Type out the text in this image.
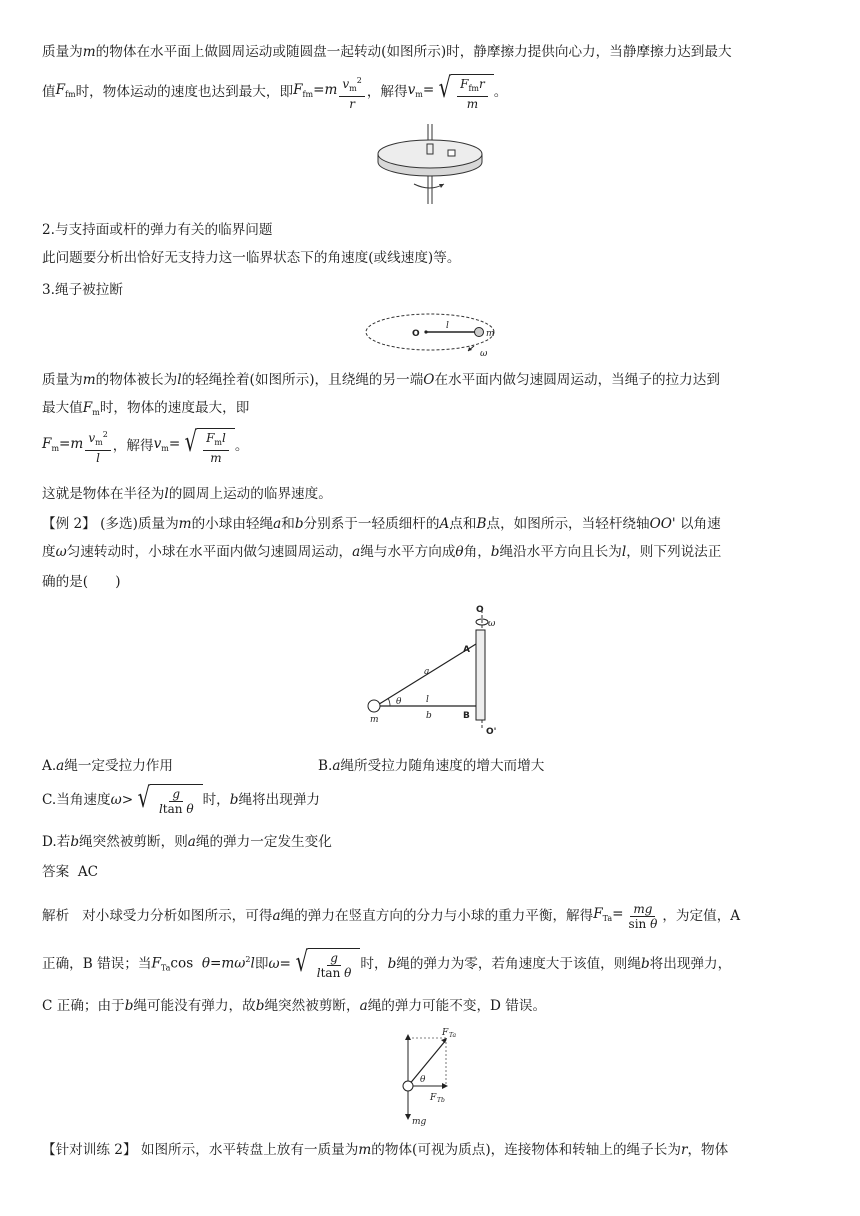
质量为m的物体在水平面上做圆周运动或随圆盘一起转动(如图所示)时，静摩擦力提供向心力，当静摩擦力达到最大
值 $F_{fm}$ 时，物体运动的速度也达到最大，即 $F_{fm}=m \frac{v_m^2}{r}$ ，解得 $v_m=$ √ $\frac{F_{fm}r}{m}$ 。
2.与支持面或杆的弹力有关的临界问题
此问题要分析出恰好无支持力这一临界状态下的角速度(或线速度)等。
3.绳子被拉断
O
l
m
ω
质量为m的物体被长为l的轻绳拴着(如图所示)，且绕绳的另一端O在水平面内做匀速圆周运动，当绳子的拉力达到
最大值$F_m$时，物体的速度最大，即
$F_m=m \frac{v_m^2}{l}$ ，解得 $v_m=$ √ $\frac{F_ml}{m}$ 。
这就是物体在半径为l的圆周上运动的临界速度。
【例 2】 (多选)质量为m的小球由轻绳a和b分别系于一轻质细杆的A点和B点，如图所示，当轻杆绕轴OO' 以角速
度ω匀速转动时，小球在水平面内做匀速圆周运动，a绳与水平方向成θ角，b绳沿水平方向且长为l，则下列说法正
确的是(　　)
O
ω
A
a
θ	l
m	b	B
O'
A.a绳一定受拉力作用	B.a绳所受拉力随角速度的增大而增大
C.当角速度 ω > √ $\frac{g}{\text{ltan θ}}$ 时， b 绳将出现弹力
D.若b绳突然被剪断，则a绳的弹力一定发生变化
答案 AC
解析
对小球受力分析如图所示，可得 a 绳的弹力在竖直方向的分力与小球的重力平衡，解得 $F_{Ta}= \frac{mg}{\text{sin θ}}$ ，为定值，A
正确，B 错误；当 $F_{Ta}\cos$ $\theta=m\omega^2l$ 即 ω = √ $\frac{g}{\text{ltan θ}}$ 时， b 绳的弹力为零，若角速度大于该值，则绳 b 将出现弹力，
C 正确；由于b绳可能没有弹力，故b绳突然被剪断，a绳的弹力可能不变，D 错误。
F Ta
θ
F Tb
mg
【针对训练 2】 如图所示，水平转盘上放有一质量为m的物体(可视为质点)，连接物体和转轴上的绳子长为r，物体
